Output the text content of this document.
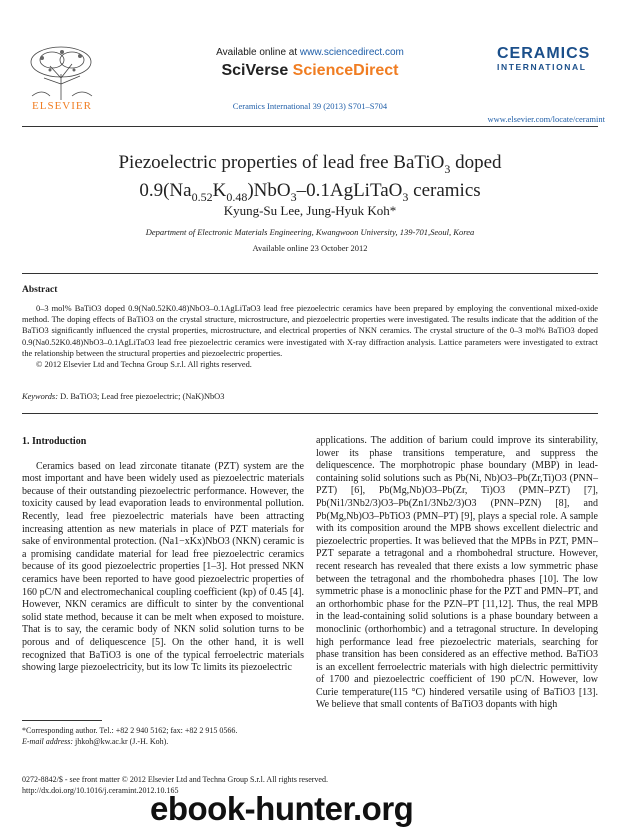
ELSEVIER
Available online at www.sciencedirect.com
SciVerse ScienceDirect
Ceramics International 39 (2013) S701–S704
CERAMICS
INTERNATIONAL
www.elsevier.com/locate/ceramint
Piezoelectric properties of lead free BaTiO$_3$ doped
$0.9(Na_{0.52}K_{0.48})NbO_3-0.1AgLiTaO_3$ ceramics
Kyung-Su Lee, Jung-Hyuk Koh*
Department of Electronic Materials Engineering, Kwangwoon University, 139-701,Seoul, Korea
Available online 23 October 2012
Abstract

0–3 mol% BaTiO3 doped 0.9(Na0.52K0.48)NbO3–0.1AgLiTaO3 lead free piezoelectric ceramics have been prepared by employing the conventional mixed-oxide method. The doping effects of BaTiO3 on the crystal structure, microstructure, and piezoelectric properties were investigated. The results indicate that the addition of the BaTiO3 significantly influenced the crystal properties, microstructure, and electrical properties of NKN ceramics. The crystal structure of the 0–3 mol% BaTiO3 doped 0.9(Na0.52K0.48)NbO3–0.1AgLiTaO3 lead free piezoelectric ceramics were investigated with X-ray diffraction analysis. Lattice parameters were investigated to extract the relationship between the structural properties and piezoelectric properties.

© 2012 Elsevier Ltd and Techna Group S.r.l. All rights reserved.

Keywords: D. BaTiO3; Lead free piezoelectric; (NaK)NbO3
1. Introduction

Ceramics based on lead zirconate titanate (PZT) system are the most important and have been widely used as piezoelectric materials because of their outstanding piezoelectric performance. However, the toxicity caused by lead evaporation leads to environmental pollution. Recently, lead free piezoelectric materials have been attracting increasing attention as new materials in place of PZT materials for sake of environmental protection. (Na1−xKx)NbO3 (NKN) ceramic is a promising candidate material for lead free piezoelectric ceramics because of its good piezoelectric properties [1–3]. Hot pressed NKN ceramics have been reported to have good piezoelectric properties of 160 pC/N and electromechanical coupling coefficient (kp) of 0.45 [4]. However, NKN ceramics are difficult to sinter by the conventional solid state method, because it can be melt when exposed to moisture. That is to say, the ceramic body of NKN solid solution turns to be porous and of deliquescence [5]. On the other hand, it is well recognized that BaTiO3 is one of the typical ferroelectric materials showing large piezoelectricity, but its low Tc limits its piezoelectric

applications. The addition of barium could improve its sinterability, lower its phase transitions temperature, and suppress the deliquescence. The morphotropic phase boundary (MBP) in lead-containing solid solutions such as Pb(Ni, Nb)O3–Pb(Zr,Ti)O3 (PNN–PZT) [6], Pb(Mg,Nb)O3–Pb(Zr, Ti)O3 (PMN–PZT) [7], Pb(Ni1/3Nb2/3)O3–Pb(Zn1/3Nb2/3)O3 (PNN–PZN) [8], and Pb(Mg,Nb)O3–PbTiO3 (PMN–PT) [9], plays a special role. A sample with its composition around the MPB shows excellent dielectric and piezoelectric properties. It was believed that the MPBs in PZT, PMN–PZT separate a tetragonal and a rhombohedral structure. However, recent research has revealed that there exists a low symmetric phase between the tetragonal and the rhombohedra phases [10]. The low symmetric phase is a monoclinic phase for the PZT and PMN–PT, and an orthorhombic phase for the PZN–PT [11,12]. Thus, the real MPB in the lead-containing solid solutions is a phase boundary between a monoclinic (orthorhombic) and a tetragonal structure. In developing high performance lead free piezoelectric materials, searching for phase transition has been considered as an effective method. BaTiO3 is an excellent ferroelectric materials with high dielectric permittivity of 1700 and piezoelectric coefficient of 190 pC/N. However, low Curie temperature(115 °C) hindered versatile using of BaTiO3 [13]. We believe that small contents of BaTiO3 dopants with high

*Corresponding author. Tel.: +82 2 940 5162; fax: +82 2 915 0566.
E-mail address: jhkoh@kw.ac.kr (J.-H. Koh).
0272-8842/$ - see front matter © 2012 Elsevier Ltd and Techna Group S.r.l. All rights reserved.
http://dx.doi.org/10.1016/j.ceramint.2012.10.165
ebook-hunter.org
